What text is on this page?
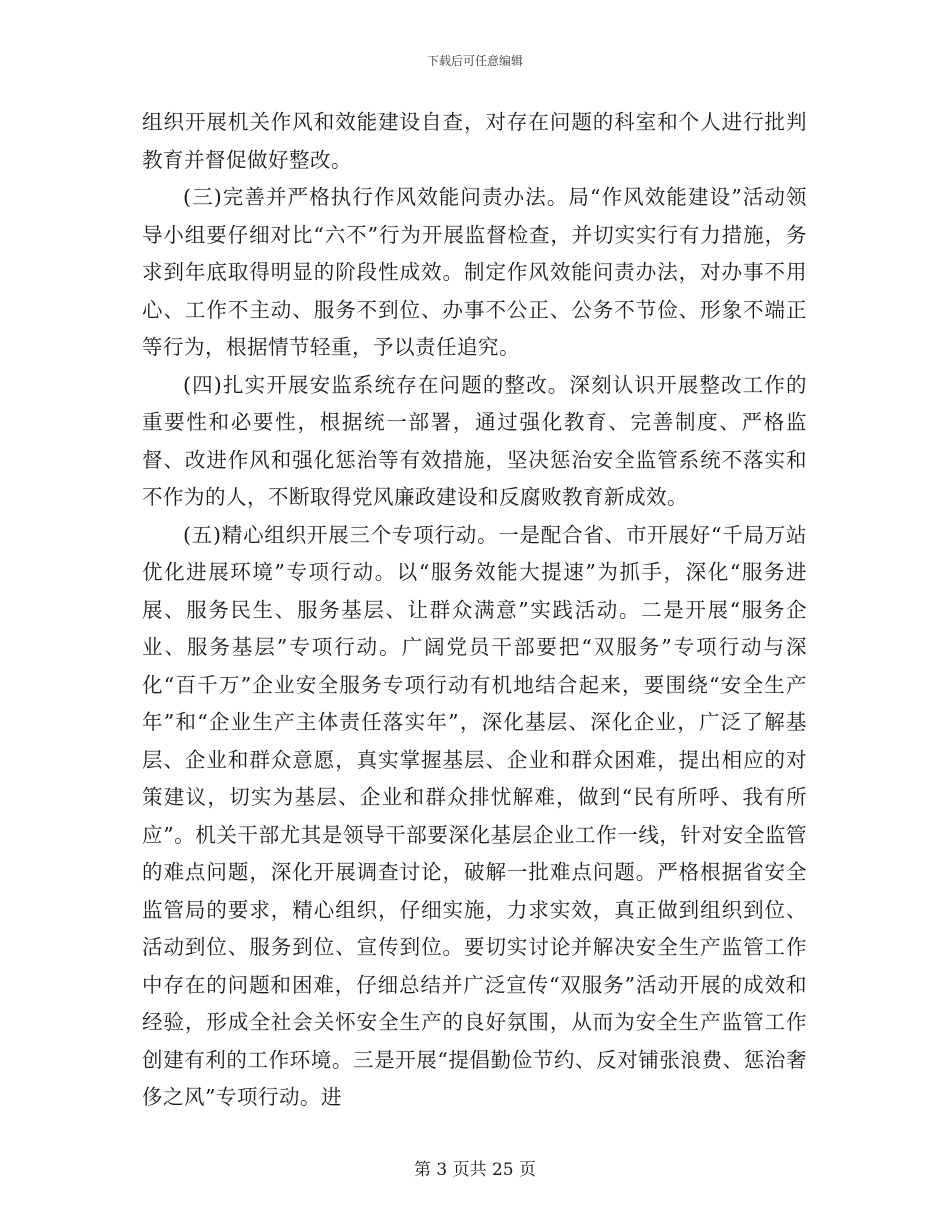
下载后可任意编辑

组织开展机关作风和效能建设自查，对存在问题的科室和个人进行批判教育并督促做好整改。

(三)完善并严格执行作风效能问责办法。局“作风效能建设”活动领导小组要仔细对比“六不”行为开展监督检查，并切实实行有力措施，务求到年底取得明显的阶段性成效。制定作风效能问责办法，对办事不用心、工作不主动、服务不到位、办事不公正、公务不节俭、形象不端正等行为，根据情节轻重，予以责任追究。

(四)扎实开展安监系统存在问题的整改。深刻认识开展整改工作的重要性和必要性，根据统一部署，通过强化教育、完善制度、严格监督、改进作风和强化惩治等有效措施，坚决惩治安全监管系统不落实和不作为的人，不断取得党风廉政建设和反腐败教育新成效。

(五)精心组织开展三个专项行动。一是配合省、市开展好“千局万站优化进展环境”专项行动。以“服务效能大提速”为抓手，深化“服务进展、服务民生、服务基层、让群众满意”实践活动。二是开展“服务企业、服务基层”专项行动。广阔党员干部要把“双服务”专项行动与深化“百千万”企业安全服务专项行动有机地结合起来，要围绕“安全生产年”和“企业生产主体责任落实年”，深化基层、深化企业，广泛了解基层、企业和群众意愿，真实掌握基层、企业和群众困难，提出相应的对策建议，切实为基层、企业和群众排忧解难，做到“民有所呼、我有所应”。机关干部尤其是领导干部要深化基层企业工作一线，针对安全监管的难点问题，深化开展调查讨论，破解一批难点问题。严格根据省安全监管局的要求，精心组织，仔细实施，力求实效，真正做到组织到位、活动到位、服务到位、宣传到位。要切实讨论并解决安全生产监管工作中存在的问题和困难，仔细总结并广泛宣传“双服务”活动开展的成效和经验，形成全社会关怀安全生产的良好氛围，从而为安全生产监管工作创建有利的工作环境。三是开展“提倡勤俭节约、反对铺张浪费、惩治奢侈之风”专项行动。进

第 3 页共 25 页
